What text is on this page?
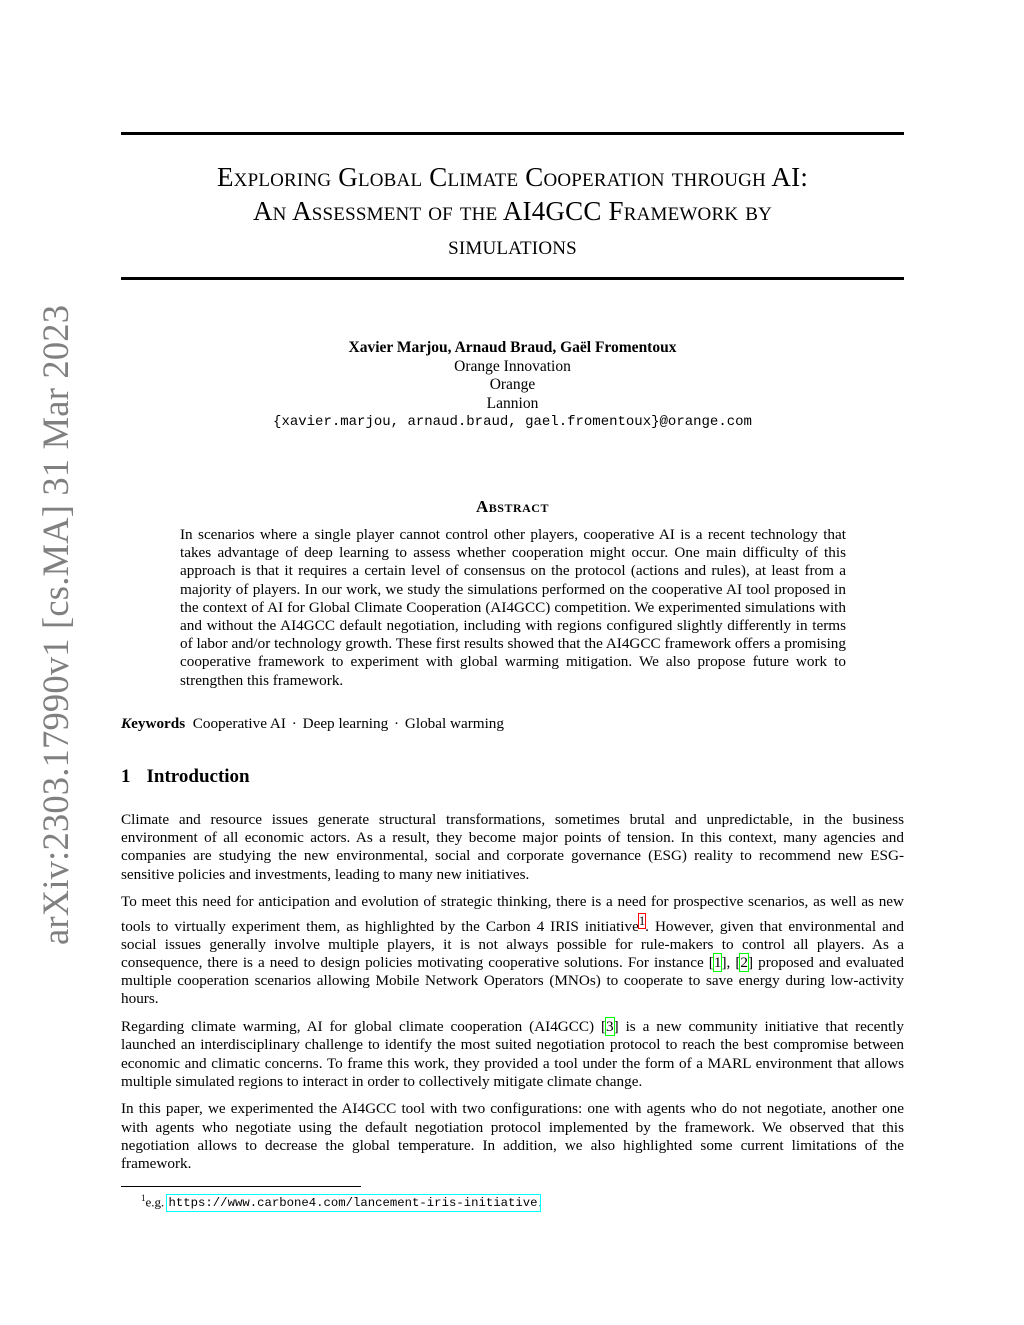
arXiv:2303.17990v1 [cs.MA] 31 Mar 2023
Exploring Global Climate Cooperation through AI:
An Assessment of the AI4GCC Framework by
simulations
Xavier Marjou, Arnaud Braud, Gaël Fromentoux
Orange Innovation
Orange
Lannion
{xavier.marjou, arnaud.braud, gael.fromentoux}@orange.com
Abstract
In scenarios where a single player cannot control other players, cooperative AI is a recent technology that takes advantage of deep learning to assess whether cooperation might occur. One main difficulty of this approach is that it requires a certain level of consensus on the protocol (actions and rules), at least from a majority of players. In our work, we study the simulations performed on the cooperative AI tool proposed in the context of AI for Global Climate Cooperation (AI4GCC) competition. We experimented simulations with and without the AI4GCC default negotiation, including with regions configured slightly differently in terms of labor and/or technology growth. These first results showed that the AI4GCC framework offers a promising cooperative framework to experiment with global warming mitigation. We also propose future work to strengthen this framework.
Keywords Cooperative AI · Deep learning · Global warming
1 Introduction

Climate and resource issues generate structural transformations, sometimes brutal and unpredictable, in the business environment of all economic actors. As a result, they become major points of tension. In this context, many agencies and companies are studying the new environmental, social and corporate governance (ESG) reality to recommend new ESG-sensitive policies and investments, leading to many new initiatives.

To meet this need for anticipation and evolution of strategic thinking, there is a need for prospective scenarios, as well as new tools to virtually experiment them, as highlighted by the Carbon 4 IRIS initiative$^1$. However, given that environmental and social issues generally involve multiple players, it is not always possible for rule-makers to control all players. As a consequence, there is a need to design policies motivating cooperative solutions. For instance [1], [2] proposed and evaluated multiple cooperation scenarios allowing Mobile Network Operators (MNOs) to cooperate to save energy during low-activity hours.

Regarding climate warming, AI for global climate cooperation (AI4GCC) [3] is a new community initiative that recently launched an interdisciplinary challenge to identify the most suited negotiation protocol to reach the best compromise between economic and climatic concerns. To frame this work, they provided a tool under the form of a MARL environment that allows multiple simulated regions to interact in order to collectively mitigate climate change.

In this paper, we experimented the AI4GCC tool with two configurations: one with agents who do not negotiate, another one with agents who negotiate using the default negotiation protocol implemented by the framework. We observed that this negotiation allows to decrease the global temperature. In addition, we also highlighted some current limitations of the framework.

$^1$e.g. https://www.carbone4.com/lancement-iris-initiative.
